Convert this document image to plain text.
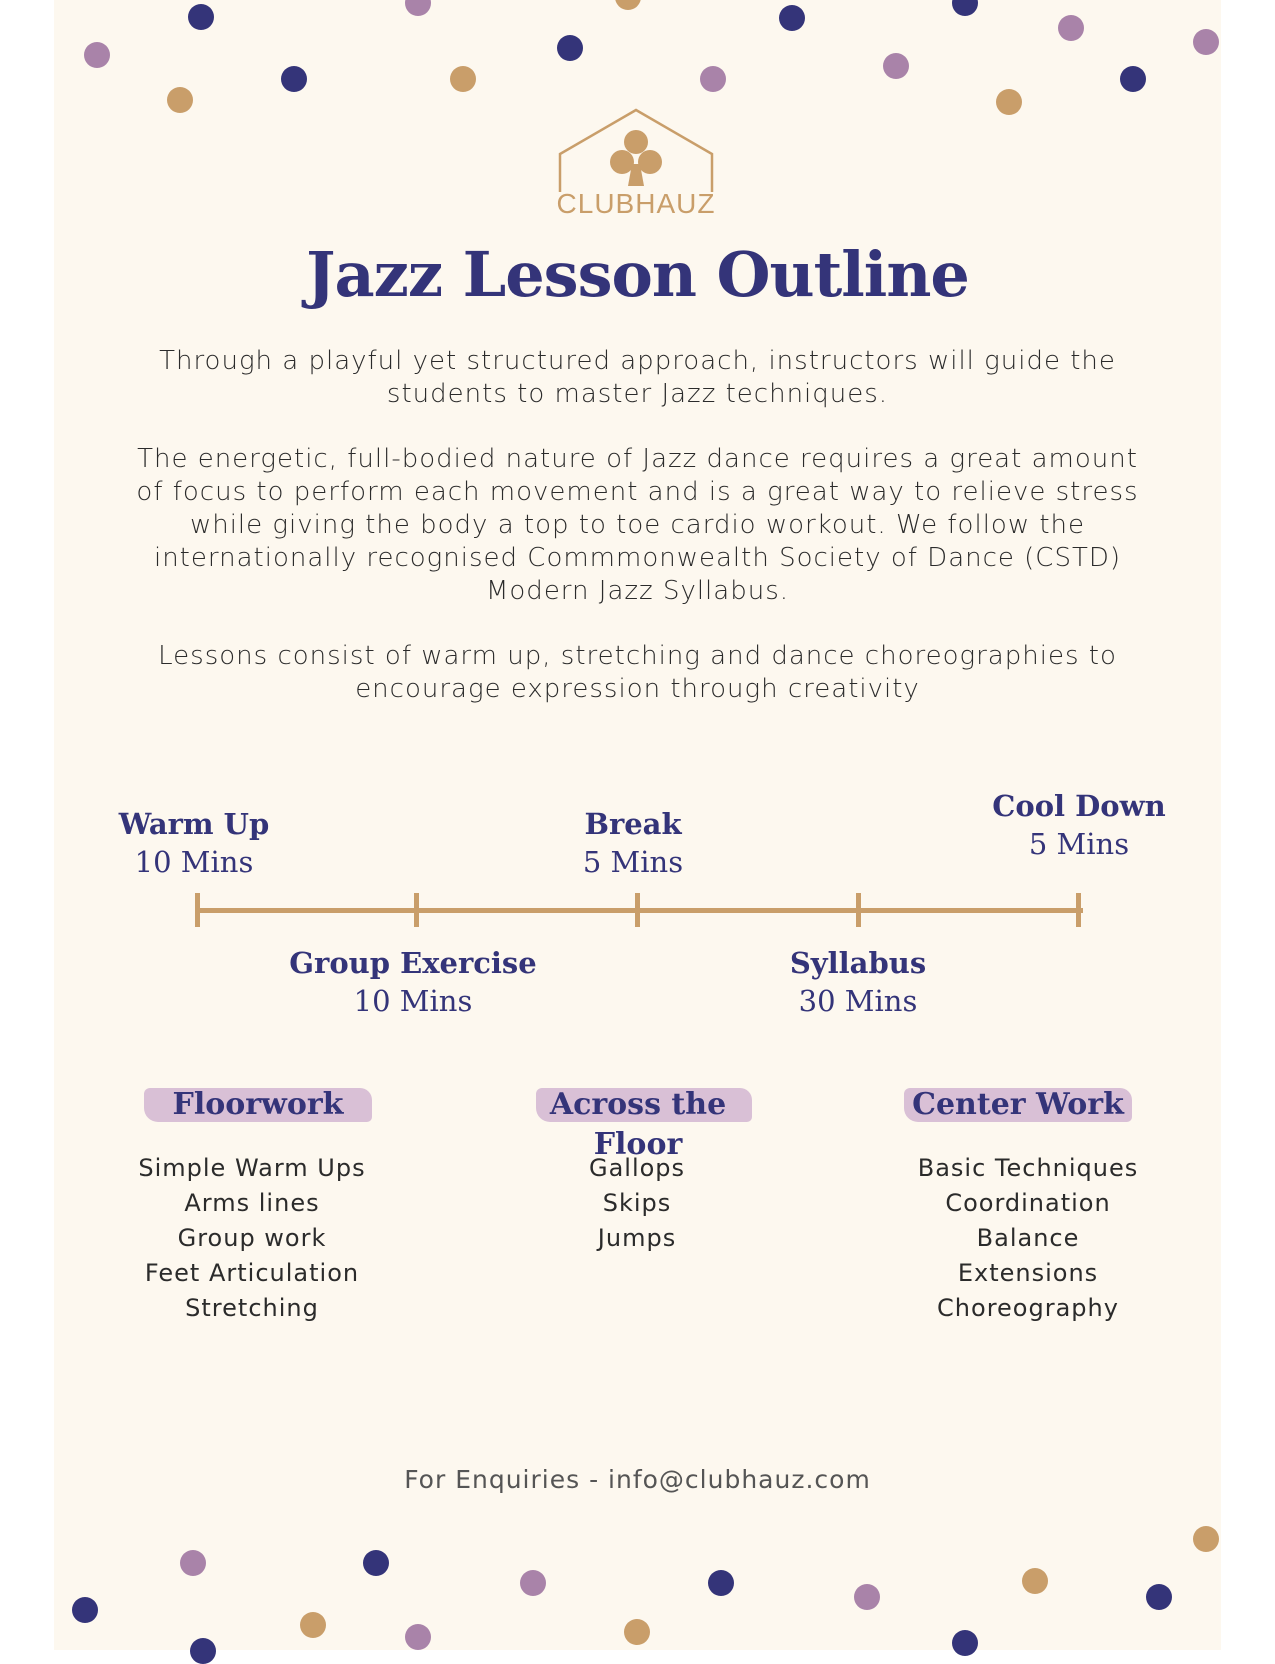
CLUBHAUZ
Jazz Lesson Outline

Through a playful yet structured approach, instructors will guide the students to master Jazz techniques.

The energetic, full-bodied nature of Jazz dance requires a great amount of focus to perform each movement and is a great way to relieve stress while giving the body a top to toe cardio workout. We follow the internationally recognised Commmonwealth Society of Dance (CSTD) Modern Jazz Syllabus.

Lessons consist of warm up, stretching and dance choreographies to encourage expression through creativity

Warm Up
10 Mins
Break
5 Mins
Cool Down
5 Mins
Group Exercise
10 Mins
Syllabus
30 Mins
Floorwork	Across the Floor
Center Work
Simple Warm Ups
Arms lines
Group work
Feet Articulation
Stretching
Gallops
Skips
Jumps
Basic Techniques
Coordination
Balance
Extensions
Choreography
For Enquiries - info@clubhauz.com
